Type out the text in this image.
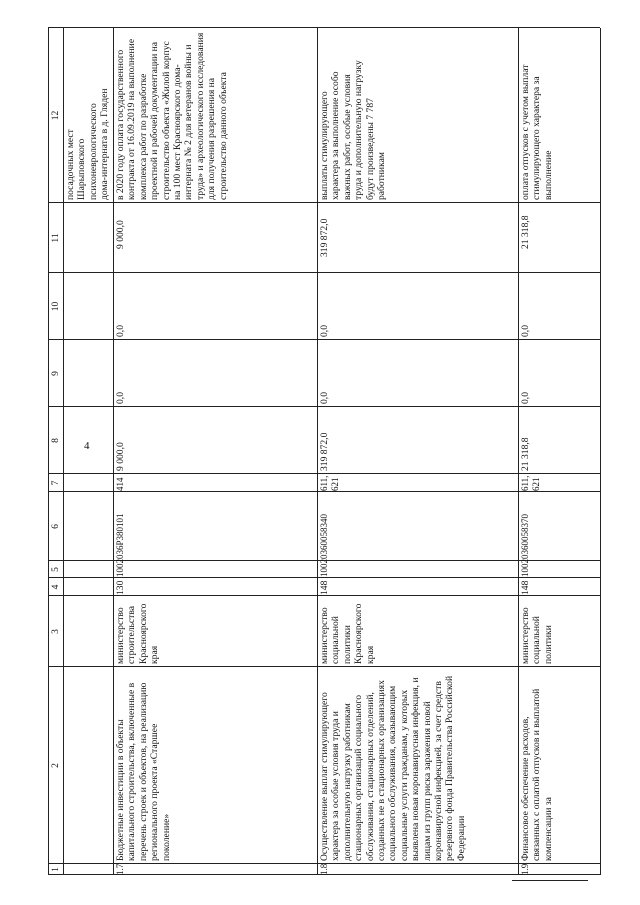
4
1
2
3
4
5
6
7
8
9
10
11
12
посадочных мест Шарыповского психоневрологического дома-интерната в д. Гляден
1.7
Бюджетные инвестиции в объекты капитального строительства, включенные в перечень строек и объектов, на реализацию регионального проекта «Старшее поколение»
министерство строительства Красноярского края
130
1002
036Р380101
414
9 000,0
0,0
0,0
9 000,0
в 2020 году оплата государственного контракта от 16.09.2019 на выполнение комплекса работ по разработке проектной и рабочей документации на строительство объекта «Жилой корпус на 100 мест Красноярского дома-интерната № 2 для ветеранов войны и труда» и археологического исследования для получения разрешения на строительство данного объекта
1.8
Осуществление выплат стимулирующего характера за особые условия труда и дополнительную нагрузку работникам стационарных организаций социального обслуживания, стационарных отделений, созданных не в стационарных организациях социального обслуживания, оказывающим социальные услуги гражданам, у которых выявлена новая коронавирусная инфекция, и лицам из групп риска заражения новой коронавирусной инфекцией, за счет средств резервного фонда Правительства Российской Федерации
министерство социальной политики Красноярского края
148
1002
0360058340
611, 621
319 872,0
0,0
0,0
319 872,0
выплаты стимулирующего характера за выполнение особо важных работ, особые условия труда и дополнительную нагрузку будут произведены 7 787 работникам
1.9
Финансовое обеспечение расходов, связанных с оплатой отпусков и выплатой компенсации за
министерство социальной политики
148
1002
0360058370
611, 621
21 318,8
0,0
0,0
21 318,8
оплата отпусков с учетом выплат стимулирующего характера за выполнение
